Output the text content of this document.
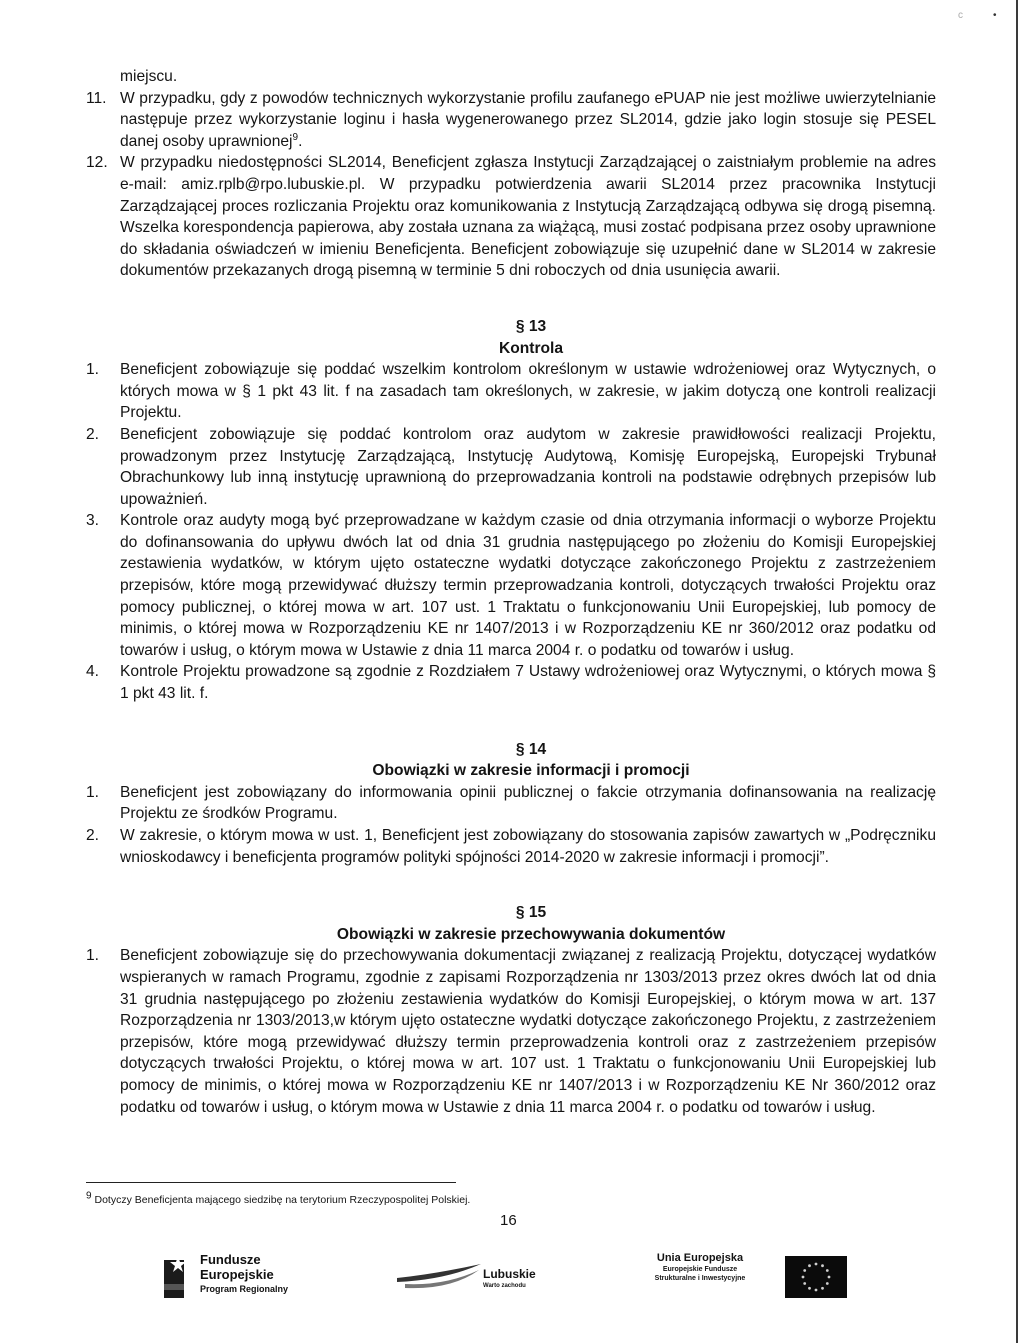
c	•

miejscu.

11. W przypadku, gdy z powodów technicznych wykorzystanie profilu zaufanego ePUAP nie jest możliwe uwierzytelnianie następuje przez wykorzystanie loginu i hasła wygenerowanego przez SL2014, gdzie jako login stosuje się PESEL danej osoby uprawnionej$^9$.
12. W przypadku niedostępności SL2014, Beneficjent zgłasza Instytucji Zarządzającej o zaistniałym problemie na adres e-mail: amiz.rplb@rpo.lubuskie.pl. W przypadku potwierdzenia awarii SL2014 przez pracownika Instytucji Zarządzającej proces rozliczania Projektu oraz komunikowania z Instytucją Zarządzającą odbywa się drogą pisemną. Wszelka korespondencja papierowa, aby została uznana za wiążącą, musi zostać podpisana przez osoby uprawnione do składania oświadczeń w imieniu Beneficjenta. Beneficjent zobowiązuje się uzupełnić dane w SL2014 w zakresie dokumentów przekazanych drogą pisemną w terminie 5 dni roboczych od dnia usunięcia awarii.

§ 13

Kontrola

1. Beneficjent zobowiązuje się poddać wszelkim kontrolom określonym w ustawie wdrożeniowej oraz Wytycznych, o których mowa w § 1 pkt 43 lit. f na zasadach tam określonych, w zakresie, w jakim dotyczą one kontroli realizacji Projektu.
2. Beneficjent zobowiązuje się poddać kontrolom oraz audytom w zakresie prawidłowości realizacji Projektu, prowadzonym przez Instytucję Zarządzającą, Instytucję Audytową, Komisję Europejską, Europejski Trybunał Obrachunkowy lub inną instytucję uprawnioną do przeprowadzania kontroli na podstawie odrębnych przepisów lub upoważnień.
3. Kontrole oraz audyty mogą być przeprowadzane w każdym czasie od dnia otrzymania informacji o wyborze Projektu do dofinansowania do upływu dwóch lat od dnia 31 grudnia następującego po złożeniu do Komisji Europejskiej zestawienia wydatków, w którym ujęto ostateczne wydatki dotyczące zakończonego Projektu z zastrzeżeniem przepisów, które mogą przewidywać dłuższy termin przeprowadzania kontroli, dotyczących trwałości Projektu oraz pomocy publicznej, o której mowa w art. 107 ust. 1 Traktatu o funkcjonowaniu Unii Europejskiej, lub pomocy de minimis, o której mowa w Rozporządzeniu KE nr 1407/2013 i w Rozporządzeniu KE nr 360/2012 oraz podatku od towarów i usług, o którym mowa w Ustawie z dnia 11 marca 2004 r. o podatku od towarów i usług.
4. Kontrole Projektu prowadzone są zgodnie z Rozdziałem 7 Ustawy wdrożeniowej oraz Wytycznymi, o których mowa § 1 pkt 43 lit. f.

§ 14

Obowiązki w zakresie informacji i promocji

1. Beneficjent jest zobowiązany do informowania opinii publicznej o fakcie otrzymania dofinansowania na realizację Projektu ze środków Programu.
2. W zakresie, o którym mowa w ust. 1, Beneficjent jest zobowiązany do stosowania zapisów zawartych w „Podręczniku wnioskodawcy i beneficjenta programów polityki spójności 2014-2020 w zakresie informacji i promocji”.

§ 15

Obowiązki w zakresie przechowywania dokumentów

1. Beneficjent zobowiązuje się do przechowywania dokumentacji związanej z realizacją Projektu, dotyczącej wydatków wspieranych w ramach Programu, zgodnie z zapisami Rozporządzenia nr 1303/2013 przez okres dwóch lat od dnia 31 grudnia następującego po złożeniu zestawienia wydatków do Komisji Europejskiej, o którym mowa w art. 137 Rozporządzenia nr 1303/2013,w którym ujęto ostateczne wydatki dotyczące zakończonego Projektu, z zastrzeżeniem przepisów, które mogą przewidywać dłuższy termin przeprowadzenia kontroli oraz z zastrzeżeniem przepisów dotyczących trwałości Projektu, o której mowa w art. 107 ust. 1 Traktatu o funkcjonowaniu Unii Europejskiej lub pomocy de minimis, o której mowa w Rozporządzeniu KE nr 1407/2013 i w Rozporządzeniu KE Nr 360/2012 oraz podatku od towarów i usług, o którym mowa w Ustawie z dnia 11 marca 2004 r. o podatku od towarów i usług.
$^9$ Dotyczy Beneficjenta mającego siedzibę na terytorium Rzeczypospolitej Polskiej.
16
Fundusze
Europejskie
Program Regionalny
Lubuskie
Warto zachodu
Unia Europejska
Europejskie Fundusze
Strukturalne i Inwestycyjne
